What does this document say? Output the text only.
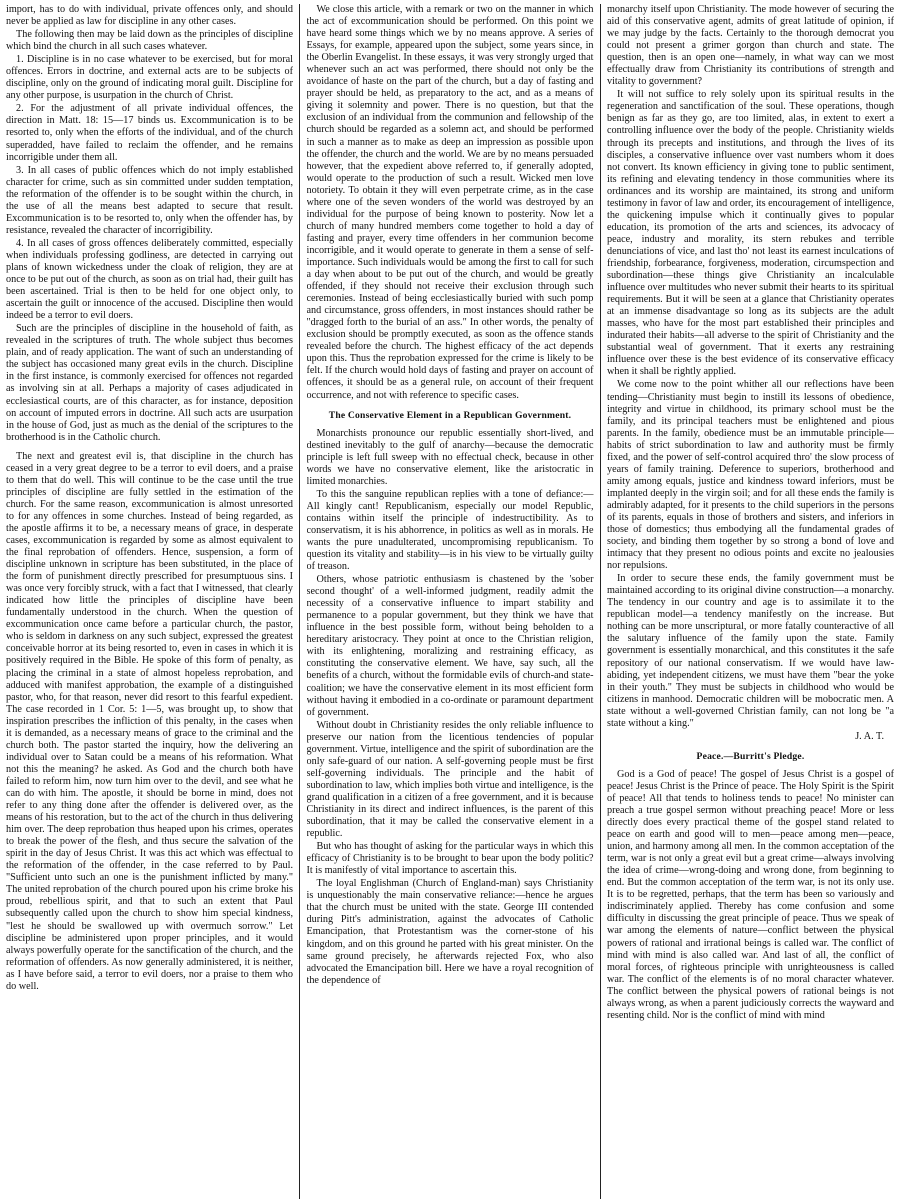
import, has to do with individual, private offences only, and should never be applied as law for discipline in any other cases.

The following then may be laid down as the principles of discipline which bind the church in all such cases whatever.

1. Discipline is in no case whatever to be exercised, but for moral offences. Errors in doctrine, and external acts are to be subjects of discipline, only on the ground of indicating moral guilt. Discipline for any other purpose, is usurpation in the church of Christ.

2. For the adjustment of all private individual offences, the direction in Matt. 18: 15—17 binds us. Excommunication is to be resorted to, only when the efforts of the individual, and of the church superadded, have failed to reclaim the offender, and he remains incorrigible under them all.

3. In all cases of public offences which do not imply established character for crime, such as sin committed under sudden temptation, the reformation of the offender is to be sought within the church, in the use of all the means best adapted to secure that result. Excommunication is to be resorted to, only when the offender has, by resistance, revealed the character of incorrigibility.

4. In all cases of gross offences deliberately committed, especially when individuals professing godliness, are detected in carrying out plans of known wickedness under the cloak of religion, they are at once to be put out of the church, as soon as on trial had, their guilt has been ascertained. Trial is then to be held for one object only, to ascertain the guilt or innocence of the accused. Discipline then would indeed be a terror to evil doers.

Such are the principles of discipline in the household of faith, as revealed in the scriptures of truth. The whole subject thus becomes plain, and of ready application. The want of such an understanding of the subject has occasioned many great evils in the church. Discipline in the first instance, is commonly exercised for offences not regarded as involving sin at all. Perhaps a majority of cases adjudicated in ecclesiastical courts, are of this character, as for instance, deposition on account of imputed errors in doctrine. All such acts are usurpation in the house of God, just as much as the denial of the scriptures to the brotherhood is in the Catholic church.

The next and greatest evil is, that discipline in the church has ceased in a very great degree to be a terror to evil doers, and a praise to them that do well. This will continue to be the case until the true principles of discipline are fully settled in the estimation of the church. For the same reason, excommunication is almost unresorted to for any offences in some churches. Instead of being regarded, as the apostle affirms it to be, a necessary means of grace, in desperate cases, excommunication is regarded by some as almost equivalent to the final reprobation of offenders. Hence, suspension, a form of discipline unknown in scripture has been substituted, in the place of the form of punishment directly prescribed for presumptuous sins. I was once very forcibly struck, with a fact that I witnessed, that clearly indicated how little the principles of discipline have been fundamentally understood in the church. When the question of excommunication once came before a particular church, the pastor, who is seldom in darkness on any such subject, expressed the greatest conceivable horror at its being resorted to, even in cases in which it is positively required in the Bible. He spoke of this form of penalty, as placing the criminal in a state of almost hopeless reprobation, and adduced with manifest approbation, the example of a distinguished pastor, who, for that reason, never did resort to this fearful expedient. The case recorded in 1 Cor. 5: 1—5, was brought up, to show that inspiration prescribes the infliction of this penalty, in the cases when it is demanded, as a necessary means of grace to the criminal and the church both. The pastor started the inquiry, how the delivering an individual over to Satan could be a means of his reformation. What not this the meaning? he asked. As God and the church both have failed to reform him, now turn him over to the devil, and see what he can do with him. The apostle, it should be borne in mind, does not refer to any thing done after the offender is delivered over, as the means of his restoration, but to the act of the church in thus delivering him over. The deep reprobation thus heaped upon his crimes, operates to break the power of the flesh, and thus secure the salvation of the spirit in the day of Jesus Christ. It was this act which was effectual to the reformation of the offender, in the case referred to by Paul. "Sufficient unto such an one is the punishment inflicted by many." The united reprobation of the church poured upon his crime broke his proud, rebellious spirit, and that to such an extent that Paul subsequently called upon the church to show him special kindness, "lest he should be swallowed up with overmuch sorrow." Let discipline be administered upon proper principles, and it would always powerfully operate for the sanctification of the church, and the reformation of offenders. As now generally administered, it is neither, as I have before said, a terror to evil doers, nor a praise to them who do well.

We close this article, with a remark or two on the manner in which the act of excommunication should be performed. On this point we have heard some things which we by no means approve. A series of Essays, for example, appeared upon the subject, some years since, in the Oberlin Evangelist. In these essays, it was very strongly urged that whenever such an act was performed, there should not only be the avoidance of haste on the part of the church, but a day of fasting and prayer should be held, as preparatory to the act, and as a means of giving it solemnity and power. There is no question, but that the exclusion of an individual from the communion and fellowship of the church should be regarded as a solemn act, and should be performed in such a manner as to make as deep an impression as possible upon the offender, the church and the world. We are by no means persuaded however, that the expedient above referred to, if generally adopted, would operate to the production of such a result. Wicked men love notoriety. To obtain it they will even perpetrate crime, as in the case where one of the seven wonders of the world was destroyed by an individual for the purpose of being known to posterity. Now let a church of many hundred members come together to hold a day of fasting and prayer, every time offenders in her communion become incorrigible, and it would operate to generate in them a sense of self-importance. Such individuals would be among the first to call for such a day when about to be put out of the church, and would be greatly offended, if they should not receive their exclusion through such ceremonies. Instead of being ecclesiastically buried with such pomp and circumstance, gross offenders, in most instances should rather be "dragged forth to the burial of an ass." In other words, the penalty of exclusion should be promptly executed, as soon as the offence stands revealed before the church. The highest efficacy of the act depends upon this. Thus the reprobation expressed for the crime is likely to be felt. If the church would hold days of fasting and prayer on account of offences, it should be as a general rule, on account of their frequent occurrence, and not with reference to specific cases.

The Conservative Element in a Republican Government.

Monarchists pronounce our republic essentially short-lived, and destined inevitably to the gulf of anarchy—because the democratic principle is left full sweep with no effectual check, because in other words we have no conservative element, like the aristocratic in limited monarchies.

To this the sanguine republican replies with a tone of defiance:—All kingly cant! Republicanism, especially our model Republic, contains within itself the principle of indestructibility. As to conservatism, it is his abhorrence, in politics as well as in morals. He wants the pure unadulterated, uncompromising republicanism. To question its vitality and stability—is in his view to be virtually guilty of treason.

Others, whose patriotic enthusiasm is chastened by the 'sober second thought' of a well-informed judgment, readily admit the necessity of a conservative influence to impart stability and permanence to a popular government, but they think we have that influence in the best possible form, without being beholden to a hereditary aristocracy. They point at once to the Christian religion, with its enlightening, moralizing and restraining efficacy, as constituting the conservative element. We have, say such, all the benefits of a church, without the formidable evils of church-and state-coalition; we have the conservative element in its most efficient form without having it embodied in a co-ordinate or paramount department of government.

Without doubt in Christianity resides the only reliable influence to preserve our nation from the licentious tendencies of popular government. Virtue, intelligence and the spirit of subordination are the only safe-guard of our nation. A self-governing people must be first self-governing individuals. The principle and the habit of subordination to law, which implies both virtue and intelligence, is the grand qualification in a citizen of a free government, and it is because Christianity in its direct and indirect influences, is the parent of this subordination, that it may be called the conservative element in a republic.

But who has thought of asking for the particular ways in which this efficacy of Christianity is to be brought to bear upon the body politic? It is manifestly of vital importance to ascertain this.

The loyal Englishman (Church of England-man) says Christianity is unquestionably the main conservative reliance:—hence he argues that the church must be united with the state. George III contended during Pitt's administration, against the advocates of Catholic Emancipation, that Protestantism was the corner-stone of his kingdom, and on this ground he parted with his great minister. On the same ground precisely, he afterwards rejected Fox, who also advocated the Emancipation bill. Here we have a royal recognition of the dependence of

monarchy itself upon Christianity. The mode however of securing the aid of this conservative agent, admits of great latitude of opinion, if we may judge by the facts. Certainly to the thorough democrat you could not present a grimer gorgon than church and state. The question, then is an open one—namely, in what way can we most effectually draw from Christianity its contributions of strength and vitality to government?

It will not suffice to rely solely upon its spiritual results in the regeneration and sanctification of the soul. These operations, though benign as far as they go, are too limited, alas, in extent to exert a controlling influence over the body of the people. Christianity wields through its precepts and institutions, and through the lives of its disciples, a conservative influence over vast numbers whom it does not convert. Its known efficiency in giving tone to public sentiment, its refining and elevating tendency in those communities where its ordinances and its worship are maintained, its strong and uniform testimony in favor of law and order, its encouragement of intelligence, the quickening impulse which it continually gives to popular education, its promotion of the arts and sciences, its advocacy of peace, industry and morality, its stern rebukes and terrible denunciations of vice, and last tho' not least its earnest inculcations of friendship, forbearance, forgiveness, moderation, circumspection and subordination—these things give Christianity an incalculable influence over multitudes who never submit their hearts to its spiritual requirements. But it will be seen at a glance that Christianity operates at an immense disadvantage so long as its subjects are the adult masses, who have for the most part established their principles and indurated their habits—all adverse to the spirit of Christianity and the substantial weal of government. That it exerts any restraining influence over these is the best evidence of its conservative efficacy when it shall be rightly applied.

We come now to the point whither all our reflections have been tending—Christianity must begin to instill its lessons of obedience, integrity and virtue in childhood, its primary school must be the family, and its principal teachers must be enlightened and pious parents. In the family, obedience must be an immutable principle—habits of strict subordination to law and authority must be firmly fixed, and the power of self-control acquired thro' the slow process of years of family training. Deference to superiors, brotherhood and amity among equals, justice and kindness toward inferiors, must be implanted deeply in the virgin soil; and for all these ends the family is admirably adapted, for it presents to the child superiors in the persons of its parents, equals in those of brothers and sisters, and inferiors in those of domestics; thus embodying all the fundamental grades of society, and binding them together by so strong a bond of love and intimacy that they present no odious points and excite no jealousies nor repulsions.

In order to secure these ends, the family government must be maintained according to its original divine construction—a monarchy. The tendency in our country and age is to assimilate it to the republican model—a tendency manifestly on the increase. But nothing can be more unscriptural, or more fatally counteractive of all the salutary influence of the family upon the state. Family government is essentially monarchical, and this constitutes it the safe repository of our national conservatism. If we would have law-abiding, yet independent citizens, we must have them "bear the yoke in their youth." They must be subjects in childhood who would be citizens in manhood. Democratic children will be mobocratic men. A state without a well-governed Christian family, can not long be "a state without a king."

J. A. T.

Peace.—Burritt's Pledge.

God is a God of peace! The gospel of Jesus Christ is a gospel of peace! Jesus Christ is the Prince of peace. The Holy Spirit is the Spirit of peace! All that tends to holiness tends to peace! No minister can preach a true gospel sermon without preaching peace! More or less directly does every practical theme of the gospel stand related to peace on earth and good will to men—peace among men—peace, union, and harmony among all men. In the common acceptation of the term, war is not only a great evil but a great crime—always involving the idea of crime—wrong-doing and wrong done, from beginning to end. But the common acceptation of the term war, is not its only use. It is to be regretted, perhaps, that the term has been so variously and indiscriminately applied. Thereby has come confusion and some difficulty in discussing the great principle of peace. Thus we speak of war among the elements of nature—conflict between the physical powers of rational and irrational beings is called war. The conflict of mind with mind is also called war. And last of all, the conflict of moral forces, of righteous principle with unrighteousness is called war. The conflict of the elements is of no moral character whatever. The conflict between the physical powers of rational beings is not always wrong, as when a parent judiciously corrects the wayward and resenting child. Nor is the conflict of mind with mind
